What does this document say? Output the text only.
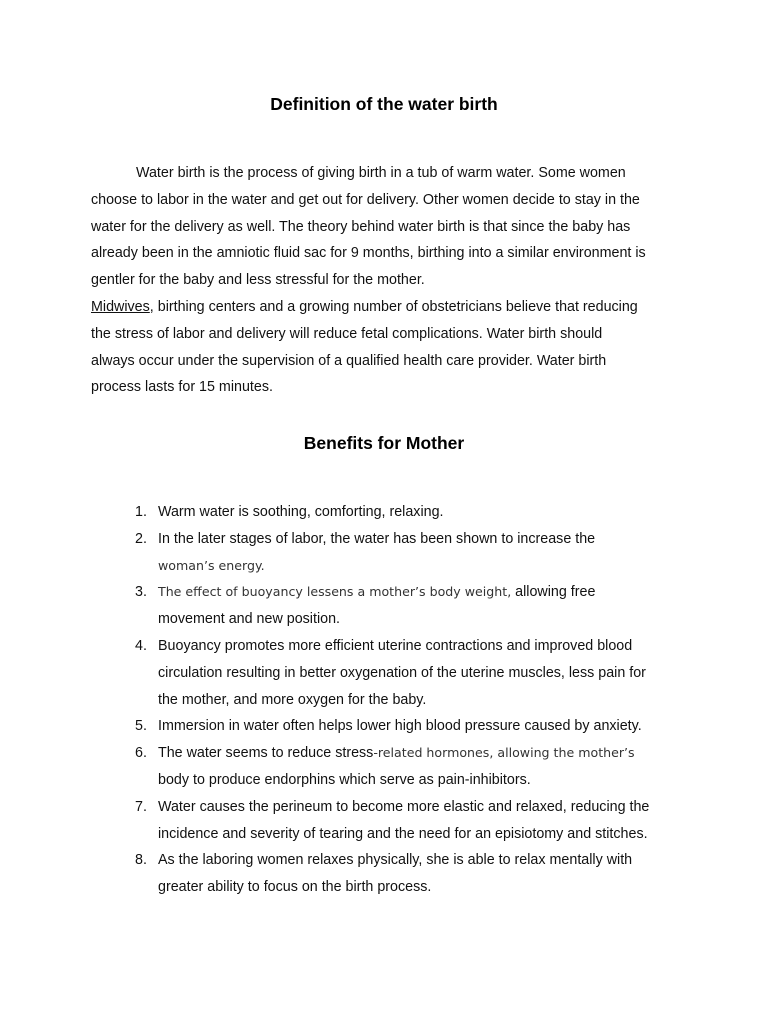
Definition of the water birth

Water birth is the process of giving birth in a tub of warm water. Some women
choose to labor in the water and get out for delivery. Other women decide to stay in the
water for the delivery as well. The theory behind water birth is that since the baby has
already been in the amniotic fluid sac for 9 months, birthing into a similar environment is
gentler for the baby and less stressful for the mother.

Midwives, birthing centers and a growing number of obstetricians believe that reducing
the stress of labor and delivery will reduce fetal complications. Water birth should
always occur under the supervision of a qualified health care provider. Water birth
process lasts for 15 minutes.

Benefits for Mother
1. Warm water is soothing, comforting, relaxing.
2. In the later stages of labor, the water has been shown to increase the
woman’s energy.
3. The effect of buoyancy lessens a mother’s body weight, allowing free
movement and new position.
4. Buoyancy promotes more efficient uterine contractions and improved blood
circulation resulting in better oxygenation of the uterine muscles, less pain for
the mother, and more oxygen for the baby.
5. Immersion in water often helps lower high blood pressure caused by anxiety.
6. The water seems to reduce stress-related hormones, allowing the mother’s
body to produce endorphins which serve as pain-inhibitors.
7. Water causes the perineum to become more elastic and relaxed, reducing the
incidence and severity of tearing and the need for an episiotomy and stitches.
8. As the laboring women relaxes physically, she is able to relax mentally with
greater ability to focus on the birth process.
